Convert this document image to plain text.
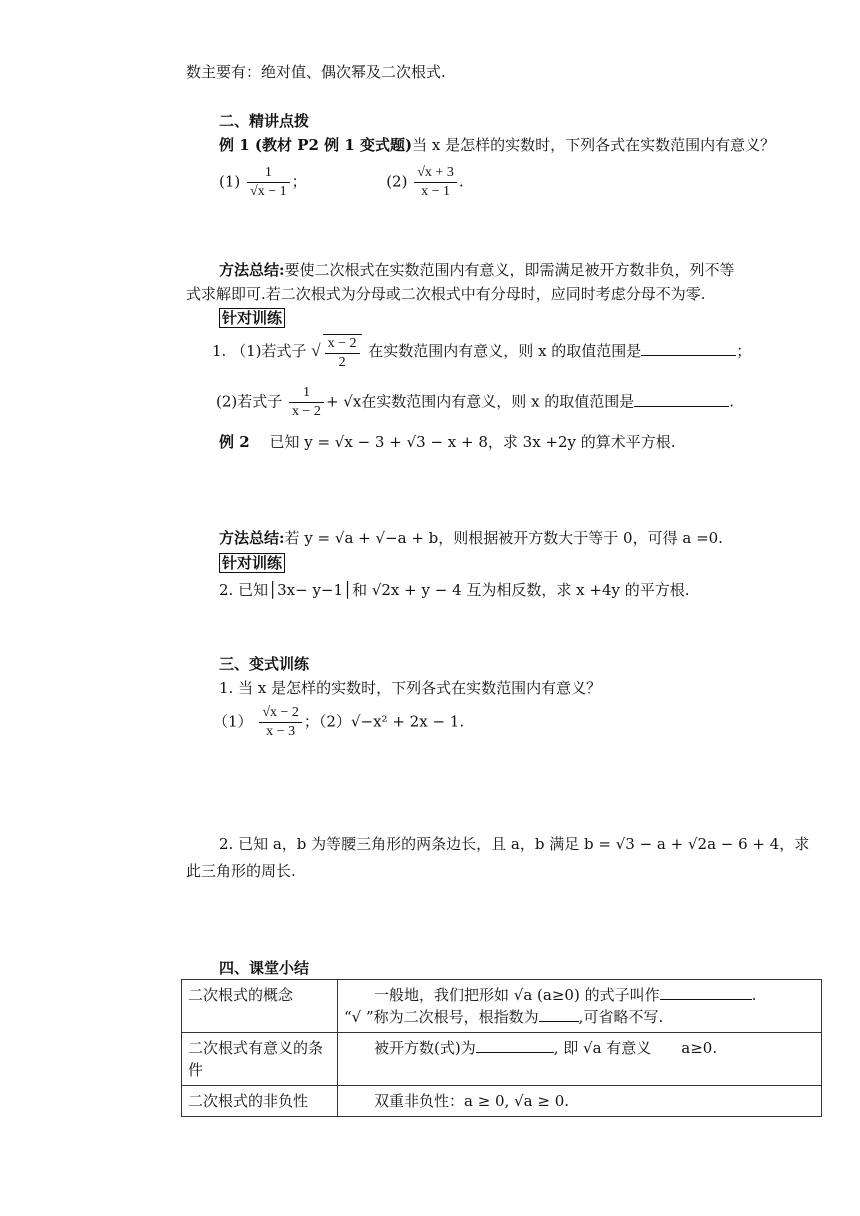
数主要有：绝对值、偶次幂及二次根式.
二、精讲点拨
例 1 (教材 P2 例 1 变式题)当 x 是怎样的实数时，下列各式在实数范围内有意义？
$(1) \frac{1}{√x - 1}$ ；	$(2) \frac{√x + 3}{x - 1}$ .
方法总结:要使二次根式在实数范围内有意义，即需满足被开方数非负，列不等
式求解即可.若二次根式为分母或二次根式中有分母时，应同时考虑分母不为零.
针对训练
1. （1)若式子 √ $\frac{x - 2}{2}$ 在实数范围内有意义，则 x 的取值范围是	；
(2)若式子 $\frac{1}{x - 2} + √x$在实数范围内有意义，则 x 的取值范围是	.
例 2　 已知 y = √x − 3 + √3 − x + 8，求 3x +2y 的算术平方根.
方法总结:若 y = √a + √−a + b，则根据被开方数大于等于 0，可得 a =0.
针对训练
2. 已知│3x− y−1│和 √2x + y − 4 互为相反数，求 x +4y 的平方根.
三、变式训练
1. 当 x 是怎样的实数时，下列各式在实数范围内有意义？
$(1) \frac{√x - 2}{x - 3}$ ；（2）√−x² + 2x − 1.
2. 已知 a，b 为等腰三角形的两条边长，且 a，b 满足 b = √3 − a + √2a − 6 + 4，求
此三角形的周长.
四、课堂小结
二次根式的概念	一般地，我们把形如 √a (a≥0) 的式子叫作 .
“√ ”称为二次根号，根指数为 ,可省略不写.

二次根式有意义的条件	被开方数(式)为 , 即 √a 有意义　　a≥0.

二次根式的非负性	双重非负性：a ≥ 0, √a ≥ 0.
